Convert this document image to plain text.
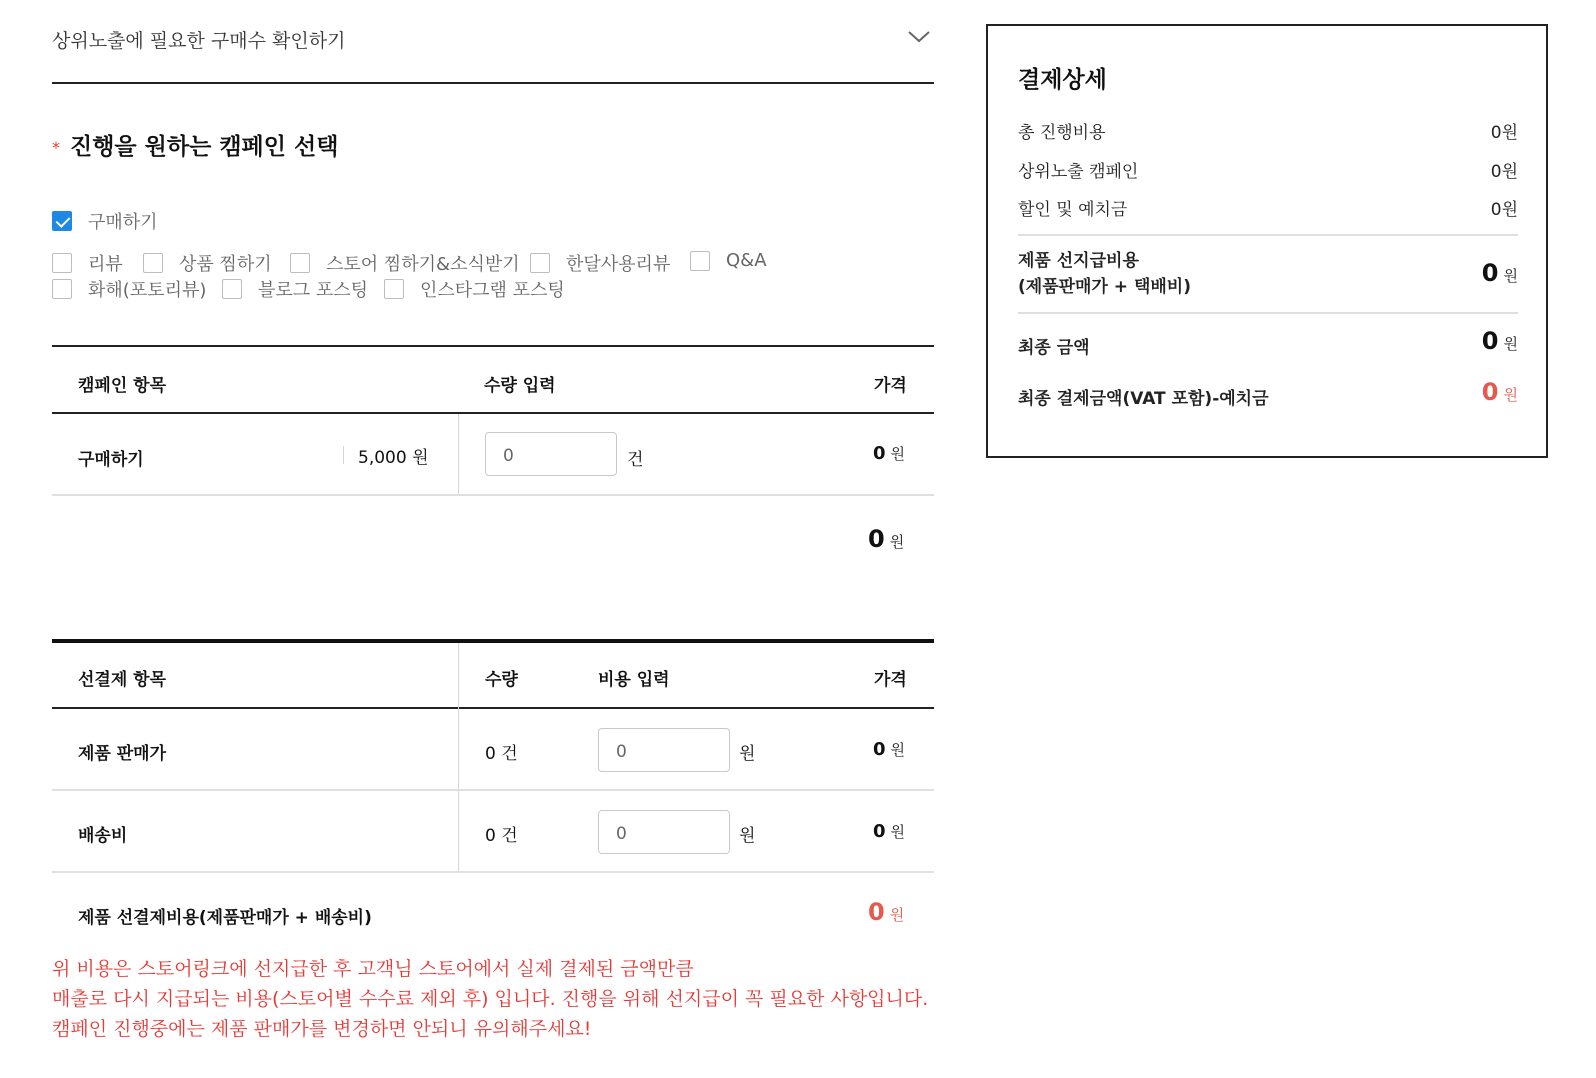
상위노출에 필요한 구매수 확인하기
* 진행을 원하는 캠페인 선택
구매하기
리뷰	상품 찜하기	스토어 찜하기&소식받기	한달사용리뷰	Q&A
화해(포토리뷰)	블로그 포스팅	인스타그램 포스팅
캠페인 항목	수량 입력	가격
구매하기	5,000 원	0	건	0 원
0 원
선결제 항목	수량	비용 입력	가격
제품 판매가	0 건	0	원	0 원
배송비	0 건	0	원	0 원
제품 선결제비용(제품판매가 + 배송비)	0 원
위 비용은 스토어링크에 선지급한 후 고객님 스토어에서 실제 결제된 금액만큼
매출로 다시 지급되는 비용(스토어별 수수료 제외 후) 입니다. 진행을 위해 선지급이 꼭 필요한 사항입니다.
캠페인 진행중에는 제품 판매가를 변경하면 안되니 유의해주세요!
결제상세
총 진행비용	0원
상위노출 캠페인	0원
할인 및 예치금	0원
제품 선지급비용
(제품판매가 + 택배비)	0 원
최종 금액	0 원
최종 결제금액(VAT 포함)-예치금	0 원
